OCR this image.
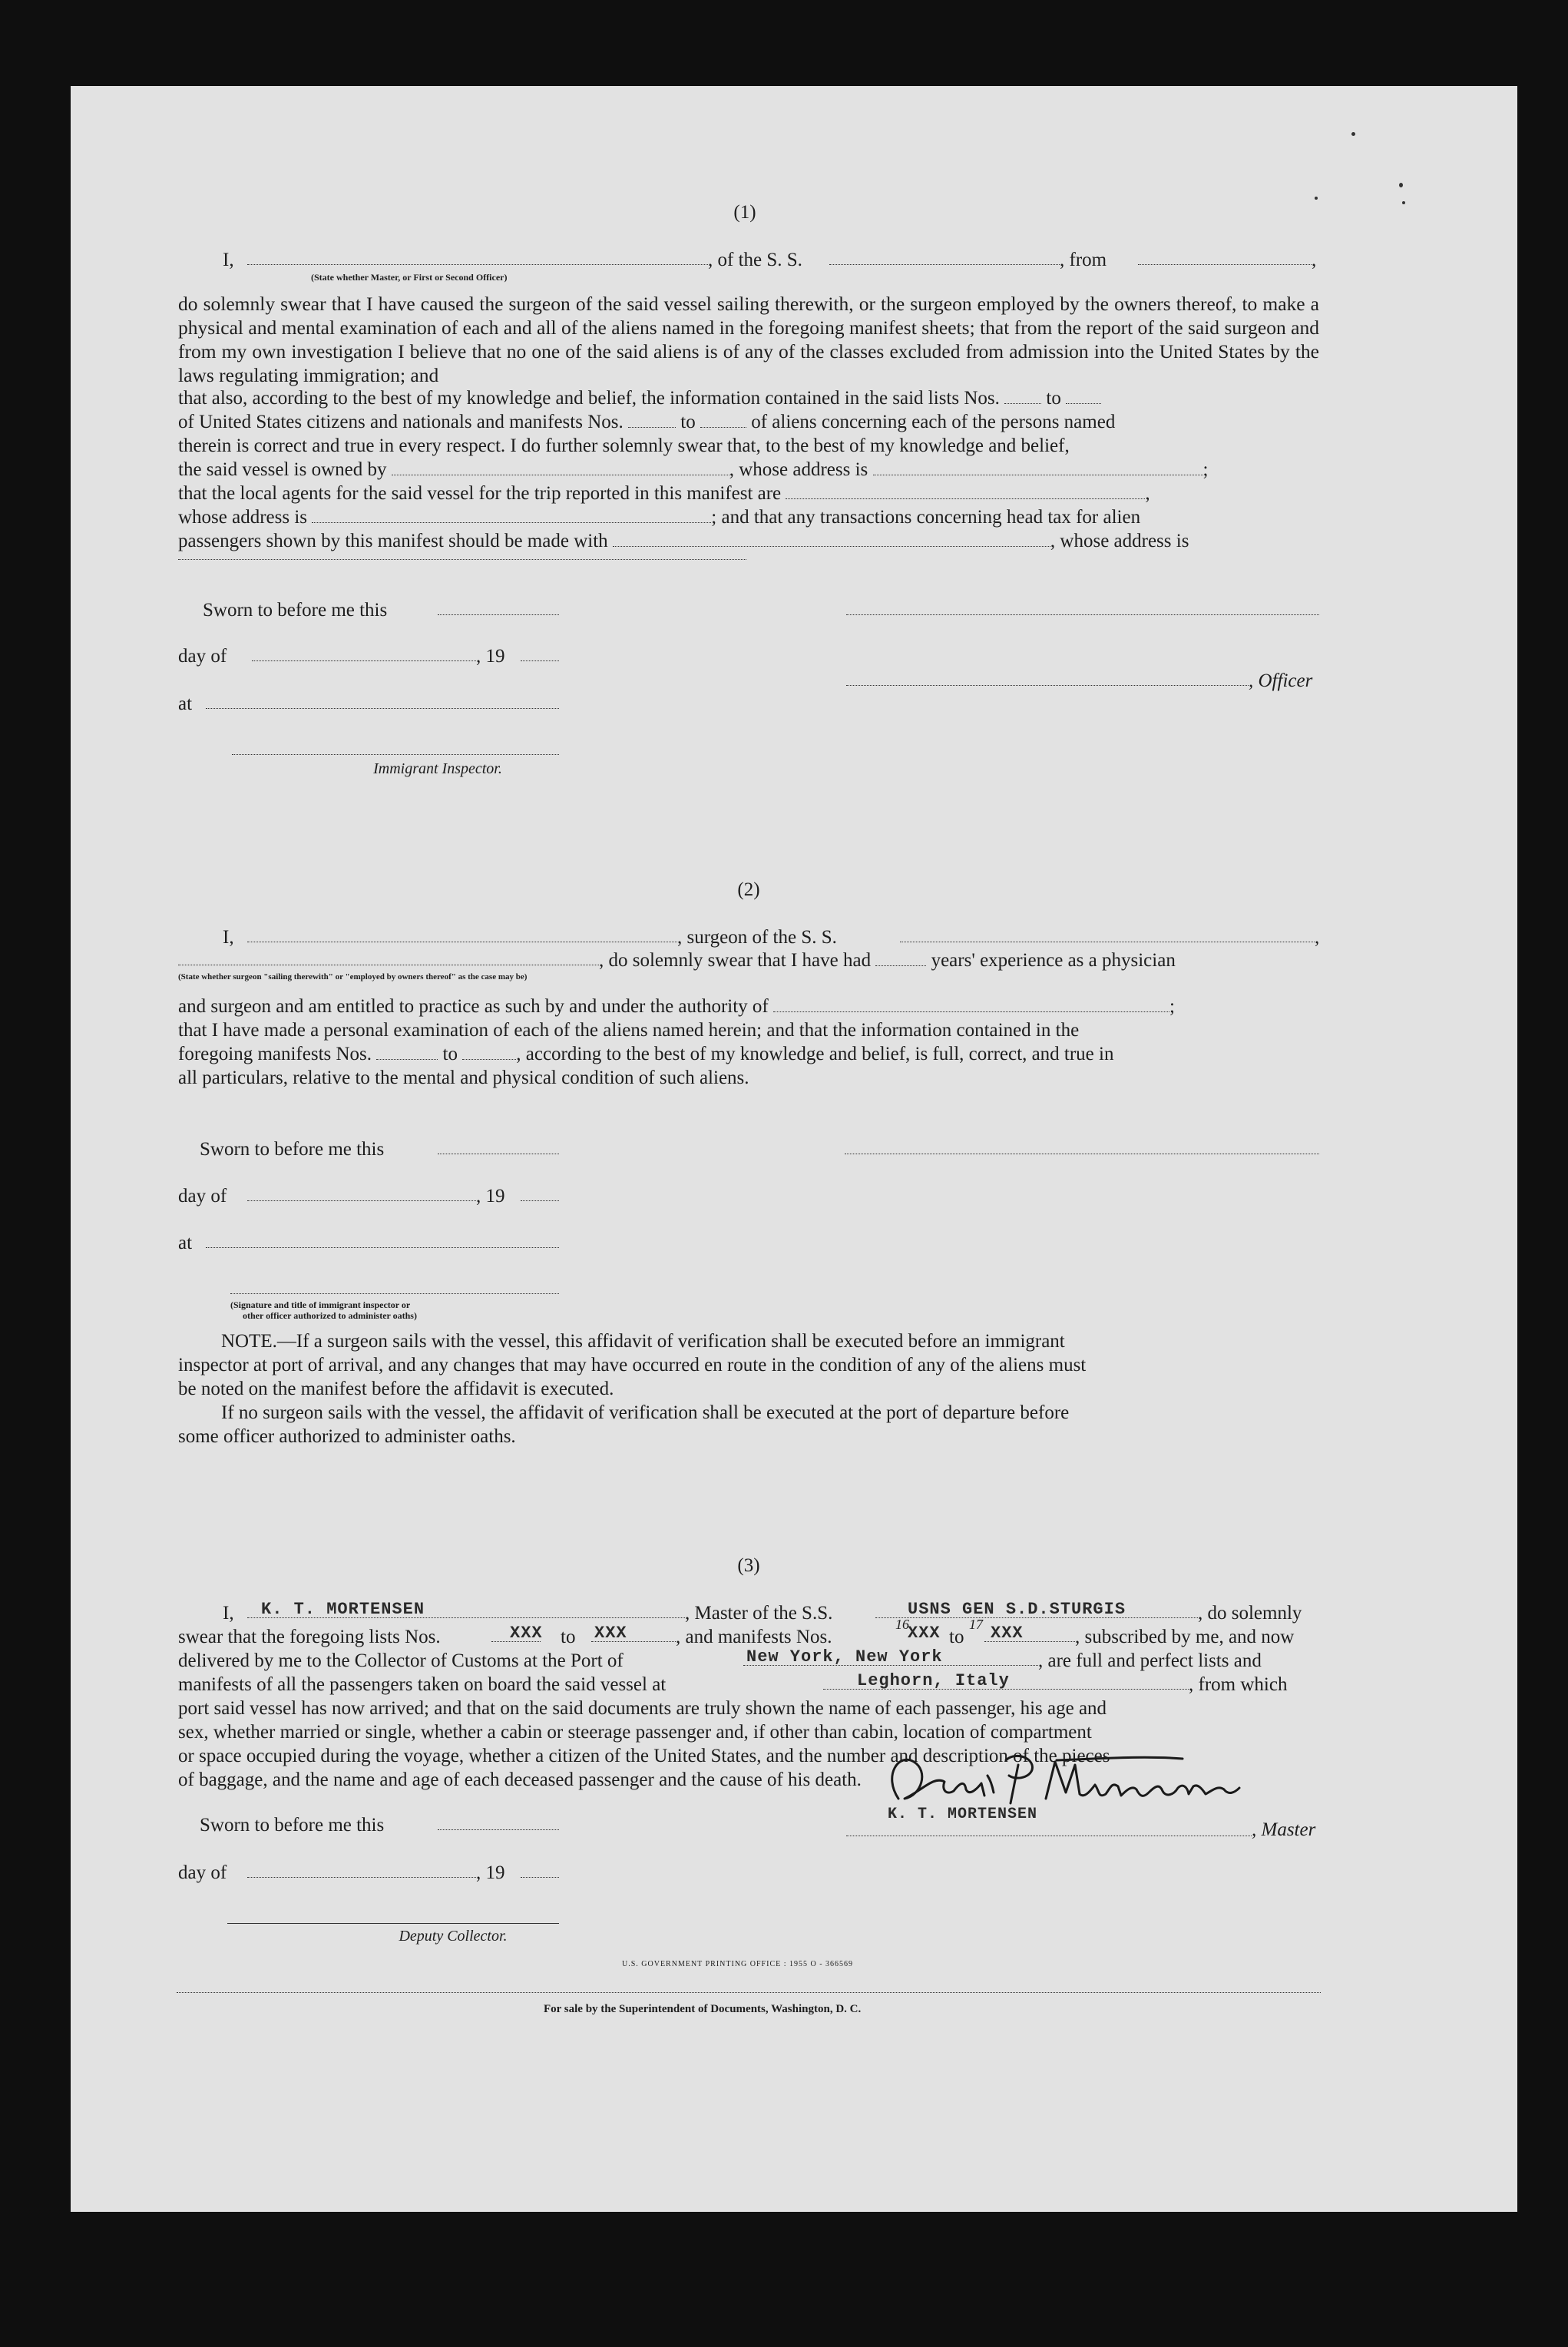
(1)
I,	, of the S. S.	, from	,
(State whether Master, or First or Second Officer)
do solemnly swear that I have caused the surgeon of the said vessel sailing therewith, or the surgeon employed by the owners thereof, to make a physical and mental examination of each and all of the aliens named in the foregoing manifest sheets; that from the report of the said surgeon and from my own investigation I believe that no one of the said aliens is of any of the classes excluded from admission into the United States by the laws regulating immigration; and
that also, according to the best of my knowledge and belief, the information contained in the said lists Nos. to
of United States citizens and nationals and manifests Nos.	to	of aliens concerning each of the persons named
therein is correct and true in every respect. I do further solemnly swear that, to the best of my knowledge and belief,
the said vessel is owned by	, whose address is	;
that the local agents for the said vessel for the trip reported in this manifest are	,
whose address is	; and that any transactions concerning head tax for alien
passengers shown by this manifest should be made with	, whose address is
Sworn to before me this
day of	, 19
, Officer
at
Immigrant Inspector.
(2)
I,	, surgeon of the S. S.	,
, do solemnly swear that I have had	years' experience as a physician
(State whether surgeon "sailing therewith" or "employed by owners thereof" as the case may be)
and surgeon and am entitled to practice as such by and under the authority of	;
that I have made a personal examination of each of the aliens named herein; and that the information contained in the
foregoing manifests Nos.	to	, according to the best of my knowledge and belief, is full, correct, and true in
all particulars, relative to the mental and physical condition of such aliens.
Sworn to before me this
day of	, 19
at
(Signature and title of immigrant inspector or
other officer authorized to administer oaths)
NOTE.—If a surgeon sails with the vessel, this affidavit of verification shall be executed before an immigrant
inspector at port of arrival, and any changes that may have occurred en route in the condition of any of the aliens must
be noted on the manifest before the affidavit is executed.
If no surgeon sails with the vessel, the affidavit of verification shall be executed at the port of departure before
some officer authorized to administer oaths.
(3)
I, K. T. MORTENSEN	, Master of the S.S.	USNS GEN S.D.STURGIS	, do solemnly
swear that the foregoing lists Nos.	XXX to XXX	, and manifests Nos.	XXX
16
to
17 XXX	, subscribed by me, and now
delivered by me to the Collector of Customs at the Port of	New York, New York	, are full and perfect lists and
manifests of all the passengers taken on board the said vessel at	Leghorn, Italy	, from which
port said vessel has now arrived; and that on the said documents are truly shown the name of each passenger, his age and
sex, whether married or single, whether a cabin or steerage passenger and, if other than cabin, location of compartment
or space occupied during the voyage, whether a citizen of the United States, and the number and description of the pieces
of baggage, and the name and age of each deceased passenger and the cause of his death.
Sworn to before me this
K. T. MORTENSEN
, Master
day of	, 19
Deputy Collector.
U.S. GOVERNMENT PRINTING OFFICE : 1955 O - 366569
For sale by the Superintendent of Documents, Washington, D. C.
